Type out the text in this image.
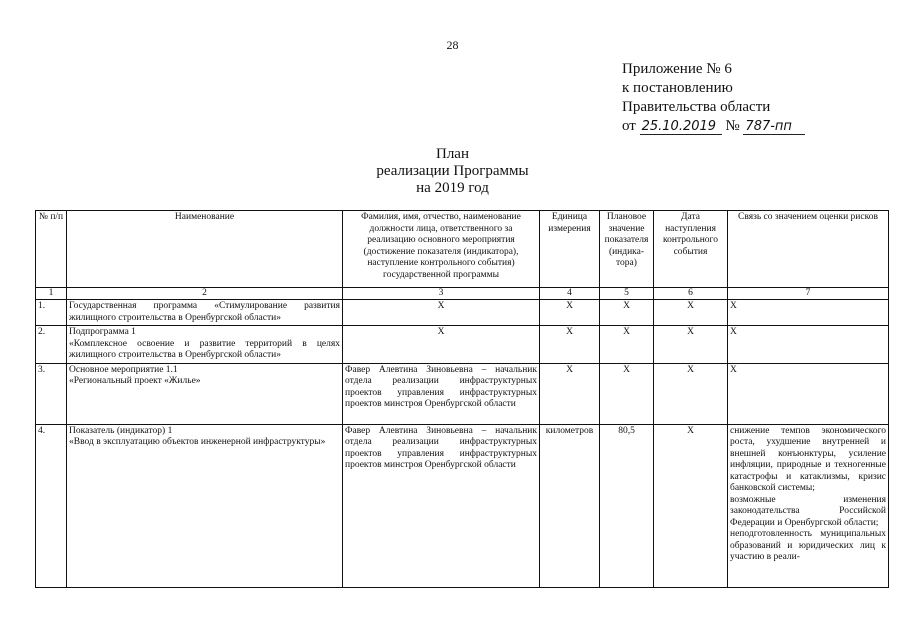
28
Приложение № 6
к постановлению
Правительства области
от 25.10.2019 № 787-пп
План
реализации Программы
на 2019 год
№ п/п	Наименование	Фамилия, имя, отчество, наименование должности лица, ответственного за реализацию основного мероприятия (достижение показателя (индикатора), наступление контрольного события) государственной программы	Единица измерения	Плановое значение показателя (индика-тора)	Дата наступления контрольного события	Связь со значением оценки рисков
1	2	3	4	5	6	7
1.	Государственная программа «Стимулирование развития жилищного строительства в Оренбургской области»	Х	Х	Х	Х	Х
2.	Подпрограмма 1
«Комплексное освоение и развитие территорий в целях жилищного строительства в Оренбургской области»	Х	Х	Х	Х	Х
3.	Основное мероприятие 1.1
«Региональный проект «Жилье»	Фавер Алевтина Зиновьевна – начальник отдела реализации инфраструктурных проектов управления инфраструктурных проектов минстроя Оренбургской области	Х	Х	Х	Х
4.	Показатель (индикатор) 1
«Ввод в эксплуатацию объектов инженерной инфраструктуры»	Фавер Алевтина Зиновьевна – начальник отдела реализации инфраструктурных проектов управления инфраструктурных проектов минстроя Оренбургской области	километров	80,5	Х	снижение темпов экономического роста, ухудшение внутренней и внешней конъюнктуры, усиление инфляции, природные и техногенные катастрофы и катаклизмы, кризис банковской системы;
возможные изменения законодательства Российской Федерации и Оренбургской области;
неподготовленность муниципальных образований и юридических лиц к участию в реали-
